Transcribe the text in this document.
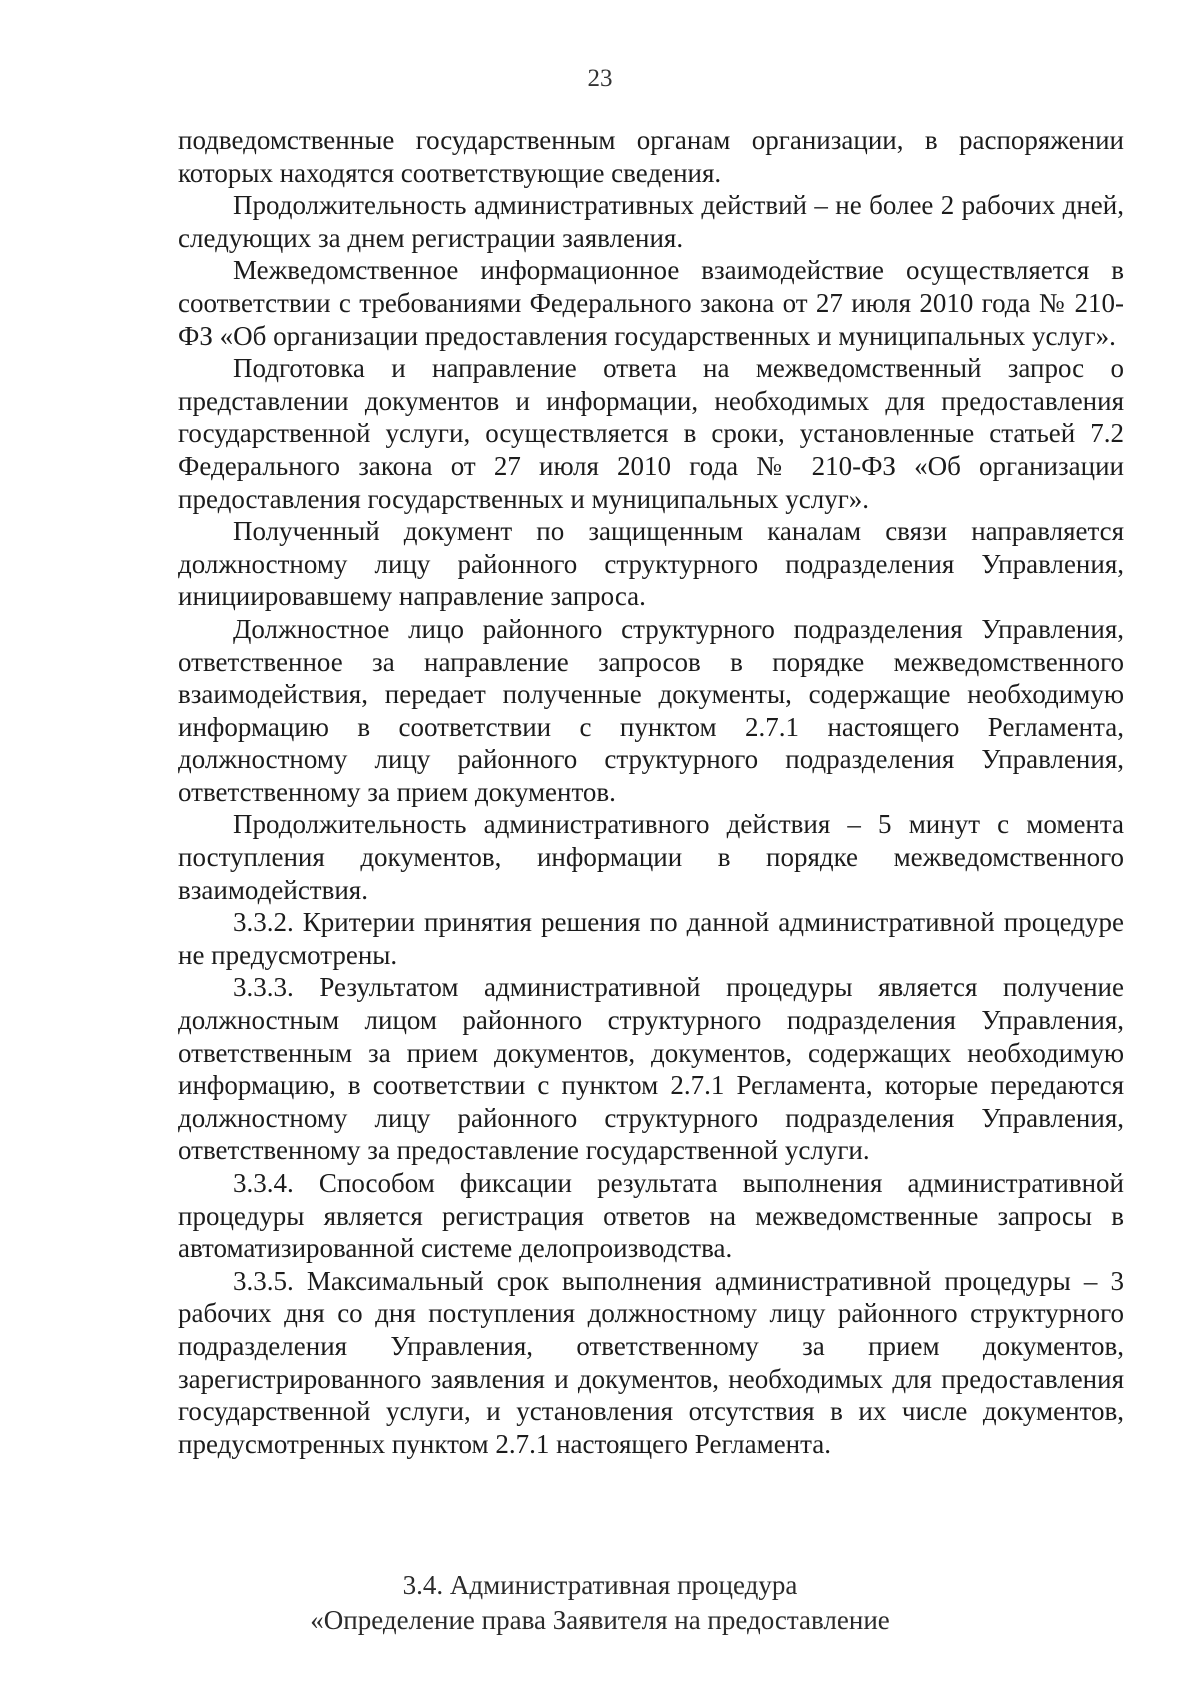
23

подведомственные государственным органам организации, в распоряжении которых находятся соответствующие сведения.

Продолжительность административных действий – не более 2 рабочих дней, следующих за днем регистрации заявления.

Межведомственное информационное взаимодействие осуществляется в соответствии с требованиями Федерального закона от 27 июля 2010 года № 210-ФЗ «Об организации предоставления государственных и муниципальных услуг».

Подготовка и направление ответа на межведомственный запрос о представлении документов и информации, необходимых для предоставления государственной услуги, осуществляется в сроки, установленные статьей 7.2 Федерального закона от 27 июля 2010 года № 210-ФЗ «Об организации предоставления государственных и муниципальных услуг».

Полученный документ по защищенным каналам связи направляется должностному лицу районного структурного подразделения Управления, инициировавшему направление запроса.

Должностное лицо районного структурного подразделения Управления, ответственное за направление запросов в порядке межведомственного взаимодействия, передает полученные документы, содержащие необходимую информацию в соответствии с пунктом 2.7.1 настоящего Регламента, должностному лицу районного структурного подразделения Управления, ответственному за прием документов.

Продолжительность административного действия – 5 минут с момента поступления документов, информации в порядке межведомственного взаимодействия.

3.3.2. Критерии принятия решения по данной административной процедуре не предусмотрены.

3.3.3. Результатом административной процедуры является получение должностным лицом районного структурного подразделения Управления, ответственным за прием документов, документов, содержащих необходимую информацию, в соответствии с пунктом 2.7.1 Регламента, которые передаются должностному лицу районного структурного подразделения Управления, ответственному за предоставление государственной услуги.

3.3.4. Способом фиксации результата выполнения административной процедуры является регистрация ответов на межведомственные запросы в автоматизированной системе делопроизводства.

3.3.5. Максимальный срок выполнения административной процедуры – 3 рабочих дня со дня поступления должностному лицу районного структурного подразделения Управления, ответственному за прием документов, зарегистрированного заявления и документов, необходимых для предоставления государственной услуги, и установления отсутствия в их числе документов, предусмотренных пунктом 2.7.1 настоящего Регламента.

3.4. Административная процедура
«Определение права Заявителя на предоставление
